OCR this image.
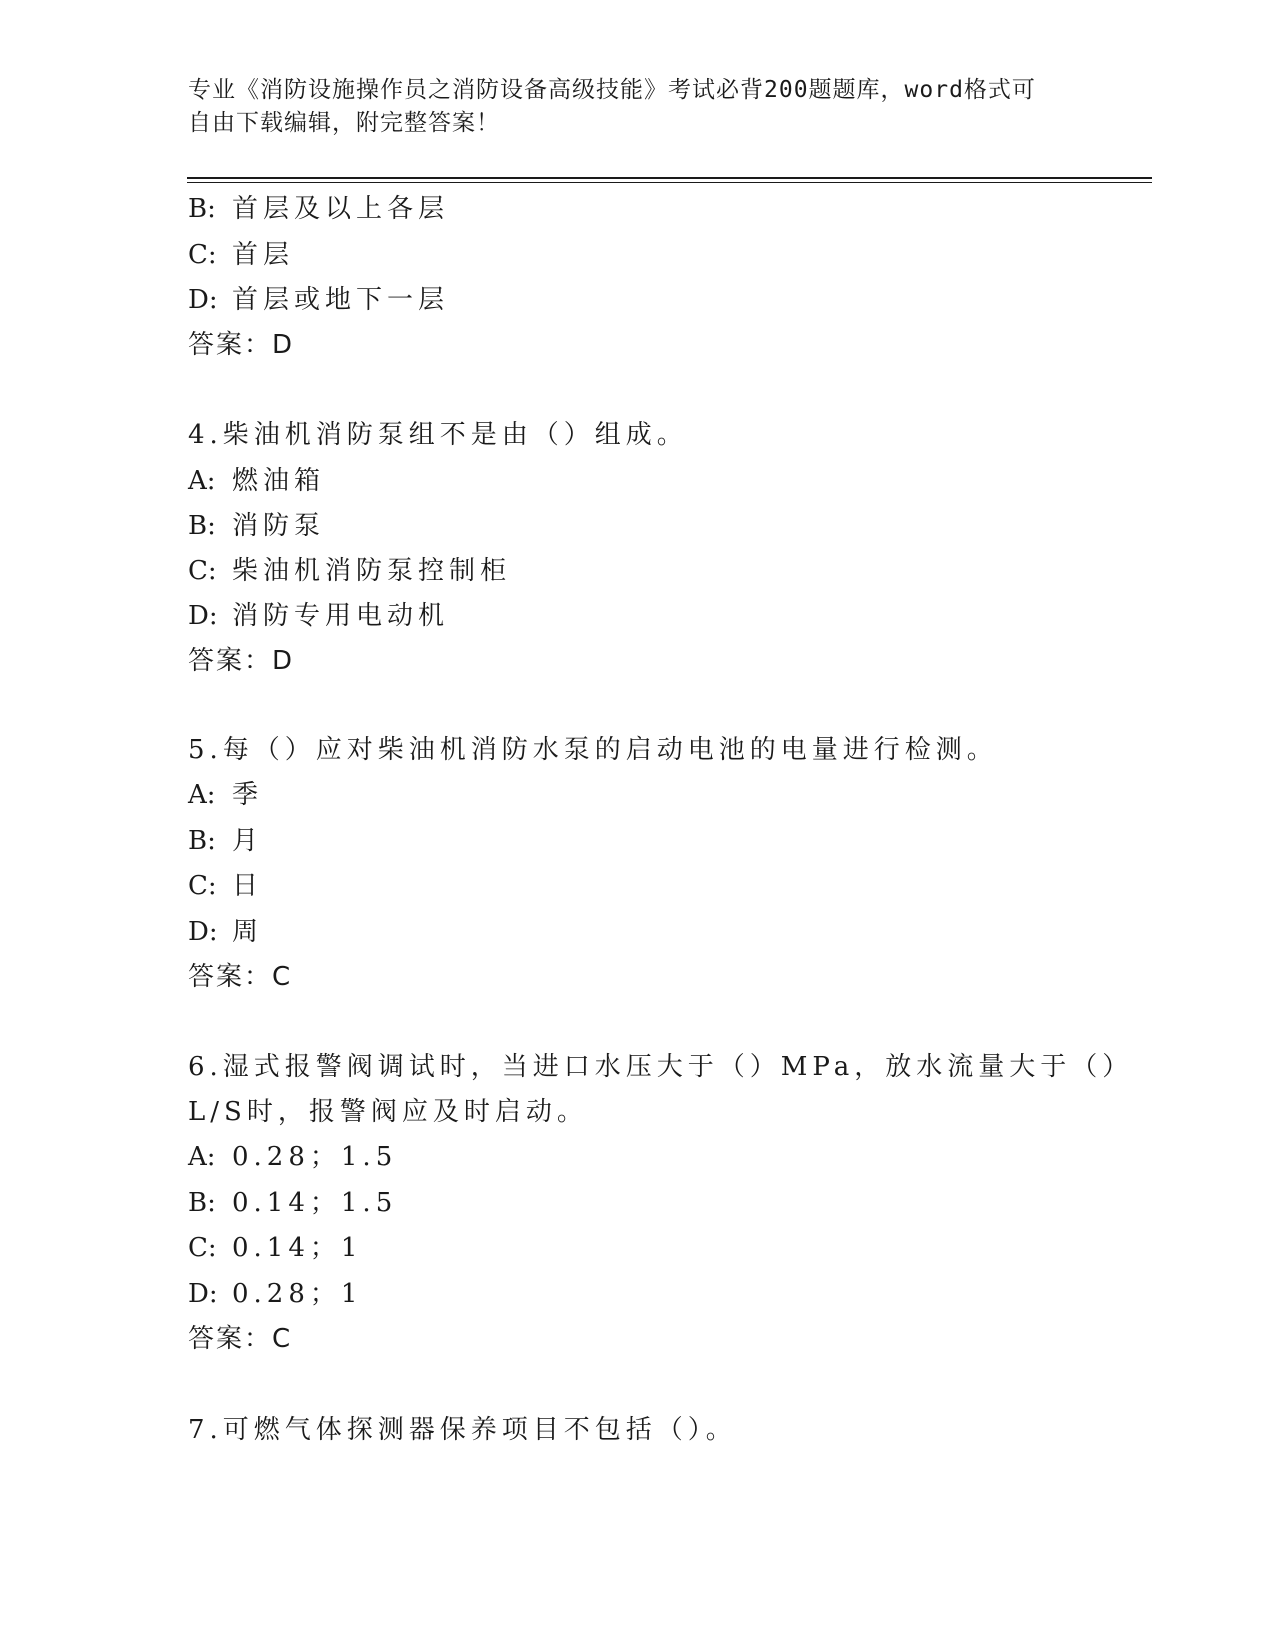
专业《消防设施操作员之消防设备高级技能》考试必背200题题库，word格式可
自由下载编辑，附完整答案！
B: 首层及以上各层
C: 首层
D: 首层或地下一层
答案：D
4.柴油机消防泵组不是由（）组成。
A: 燃油箱
B: 消防泵
C: 柴油机消防泵控制柜
D: 消防专用电动机
答案：D
5.每（）应对柴油机消防水泵的启动电池的电量进行检测。
A: 季
B: 月
C: 日
D: 周
答案：C
6.湿式报警阀调试时，当进口水压大于（）MPa，放水流量大于（）
L/S时，报警阀应及时启动。
A: 0.28；1.5
B: 0.14；1.5
C: 0.14；1
D: 0.28；1
答案：C
7.可燃气体探测器保养项目不包括（）。
